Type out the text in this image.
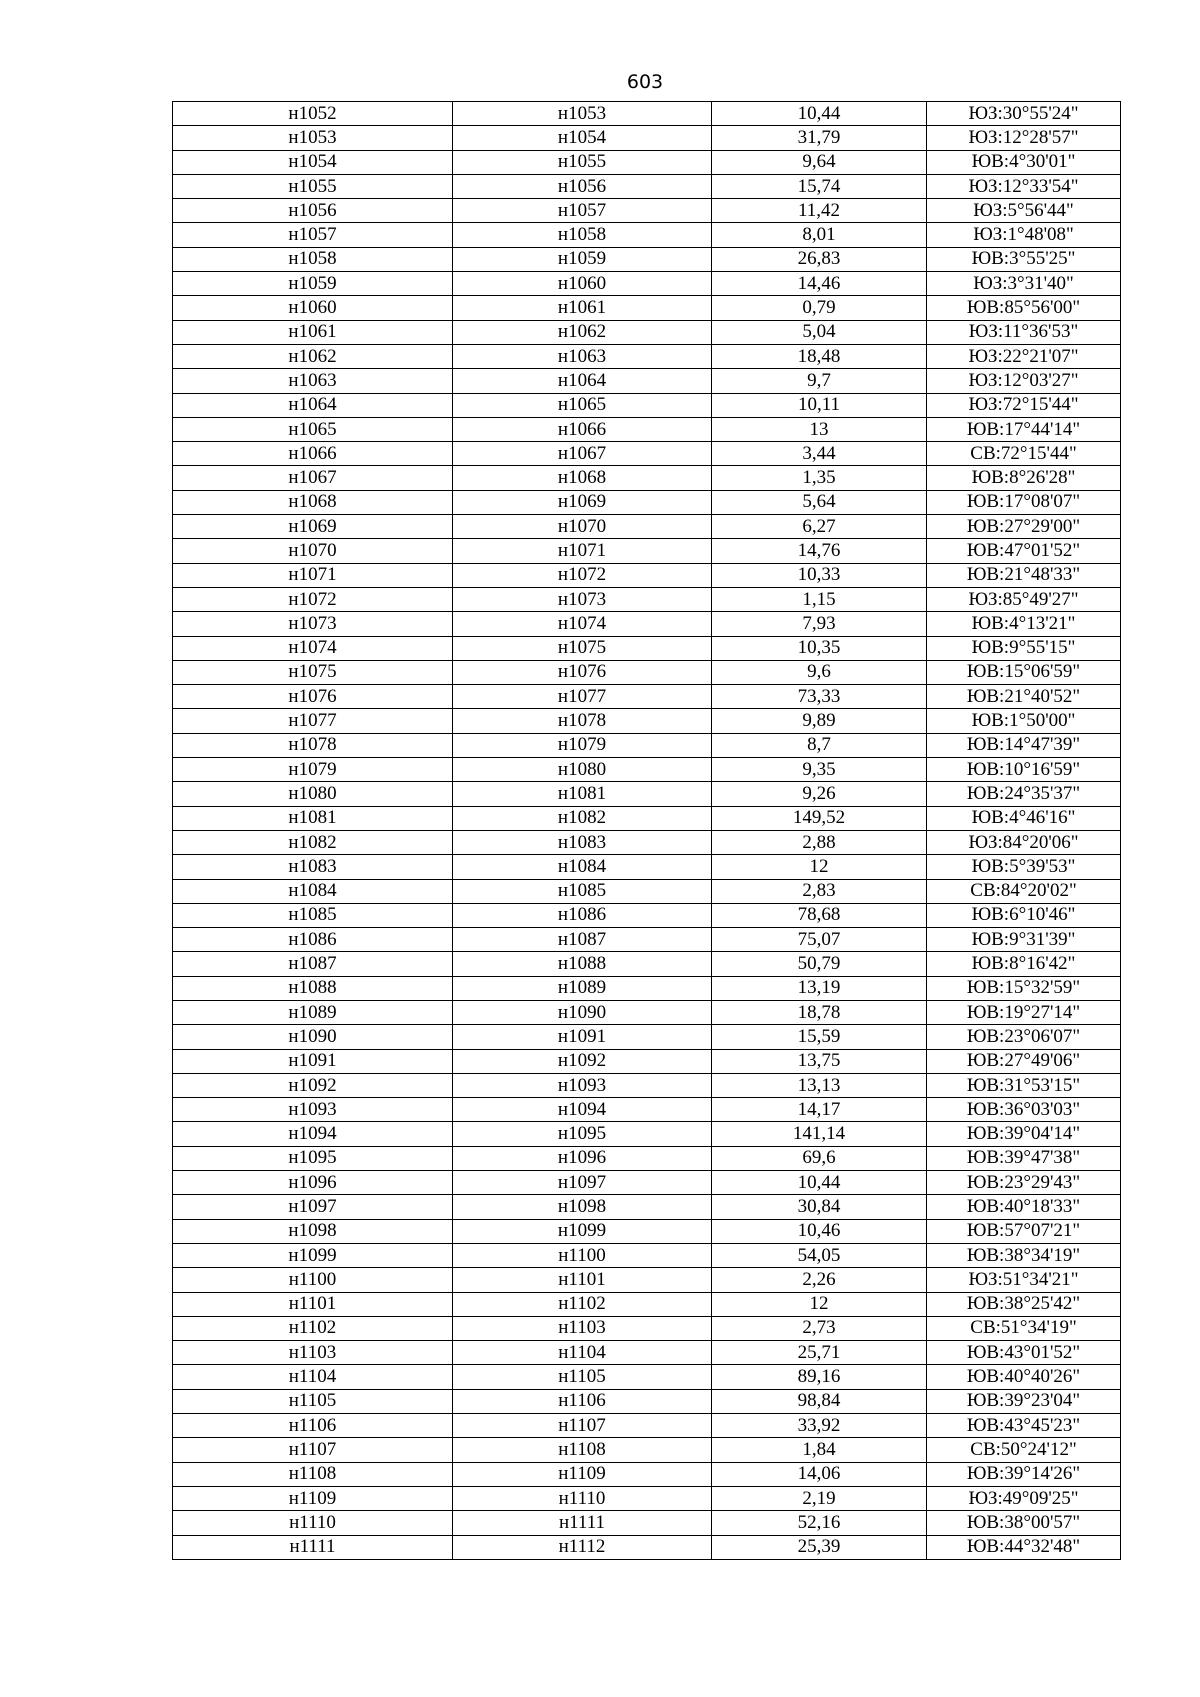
603
н1052	н1053	10,44	ЮЗ:30°55'24"
н1053	н1054	31,79	ЮЗ:12°28'57"
н1054	н1055	9,64	ЮВ:4°30'01"
н1055	н1056	15,74	ЮЗ:12°33'54"
н1056	н1057	11,42	ЮЗ:5°56'44"
н1057	н1058	8,01	ЮЗ:1°48'08"
н1058	н1059	26,83	ЮВ:3°55'25"
н1059	н1060	14,46	ЮЗ:3°31'40"
н1060	н1061	0,79	ЮВ:85°56'00"
н1061	н1062	5,04	ЮЗ:11°36'53"
н1062	н1063	18,48	ЮЗ:22°21'07"
н1063	н1064	9,7	ЮЗ:12°03'27"
н1064	н1065	10,11	ЮЗ:72°15'44"
н1065	н1066	13	ЮВ:17°44'14"
н1066	н1067	3,44	СВ:72°15'44"
н1067	н1068	1,35	ЮВ:8°26'28"
н1068	н1069	5,64	ЮВ:17°08'07"
н1069	н1070	6,27	ЮВ:27°29'00"
н1070	н1071	14,76	ЮВ:47°01'52"
н1071	н1072	10,33	ЮВ:21°48'33"
н1072	н1073	1,15	ЮЗ:85°49'27"
н1073	н1074	7,93	ЮВ:4°13'21"
н1074	н1075	10,35	ЮВ:9°55'15"
н1075	н1076	9,6	ЮВ:15°06'59"
н1076	н1077	73,33	ЮВ:21°40'52"
н1077	н1078	9,89	ЮВ:1°50'00"
н1078	н1079	8,7	ЮВ:14°47'39"
н1079	н1080	9,35	ЮВ:10°16'59"
н1080	н1081	9,26	ЮВ:24°35'37"
н1081	н1082	149,52	ЮВ:4°46'16"
н1082	н1083	2,88	ЮЗ:84°20'06"
н1083	н1084	12	ЮВ:5°39'53"
н1084	н1085	2,83	СВ:84°20'02"
н1085	н1086	78,68	ЮВ:6°10'46"
н1086	н1087	75,07	ЮВ:9°31'39"
н1087	н1088	50,79	ЮВ:8°16'42"
н1088	н1089	13,19	ЮВ:15°32'59"
н1089	н1090	18,78	ЮВ:19°27'14"
н1090	н1091	15,59	ЮВ:23°06'07"
н1091	н1092	13,75	ЮВ:27°49'06"
н1092	н1093	13,13	ЮВ:31°53'15"
н1093	н1094	14,17	ЮВ:36°03'03"
н1094	н1095	141,14	ЮВ:39°04'14"
н1095	н1096	69,6	ЮВ:39°47'38"
н1096	н1097	10,44	ЮВ:23°29'43"
н1097	н1098	30,84	ЮВ:40°18'33"
н1098	н1099	10,46	ЮВ:57°07'21"
н1099	н1100	54,05	ЮВ:38°34'19"
н1100	н1101	2,26	ЮЗ:51°34'21"
н1101	н1102	12	ЮВ:38°25'42"
н1102	н1103	2,73	СВ:51°34'19"
н1103	н1104	25,71	ЮВ:43°01'52"
н1104	н1105	89,16	ЮВ:40°40'26"
н1105	н1106	98,84	ЮВ:39°23'04"
н1106	н1107	33,92	ЮВ:43°45'23"
н1107	н1108	1,84	СВ:50°24'12"
н1108	н1109	14,06	ЮВ:39°14'26"
н1109	н1110	2,19	ЮЗ:49°09'25"
н1110	н1111	52,16	ЮВ:38°00'57"
н1111	н1112	25,39	ЮВ:44°32'48"
